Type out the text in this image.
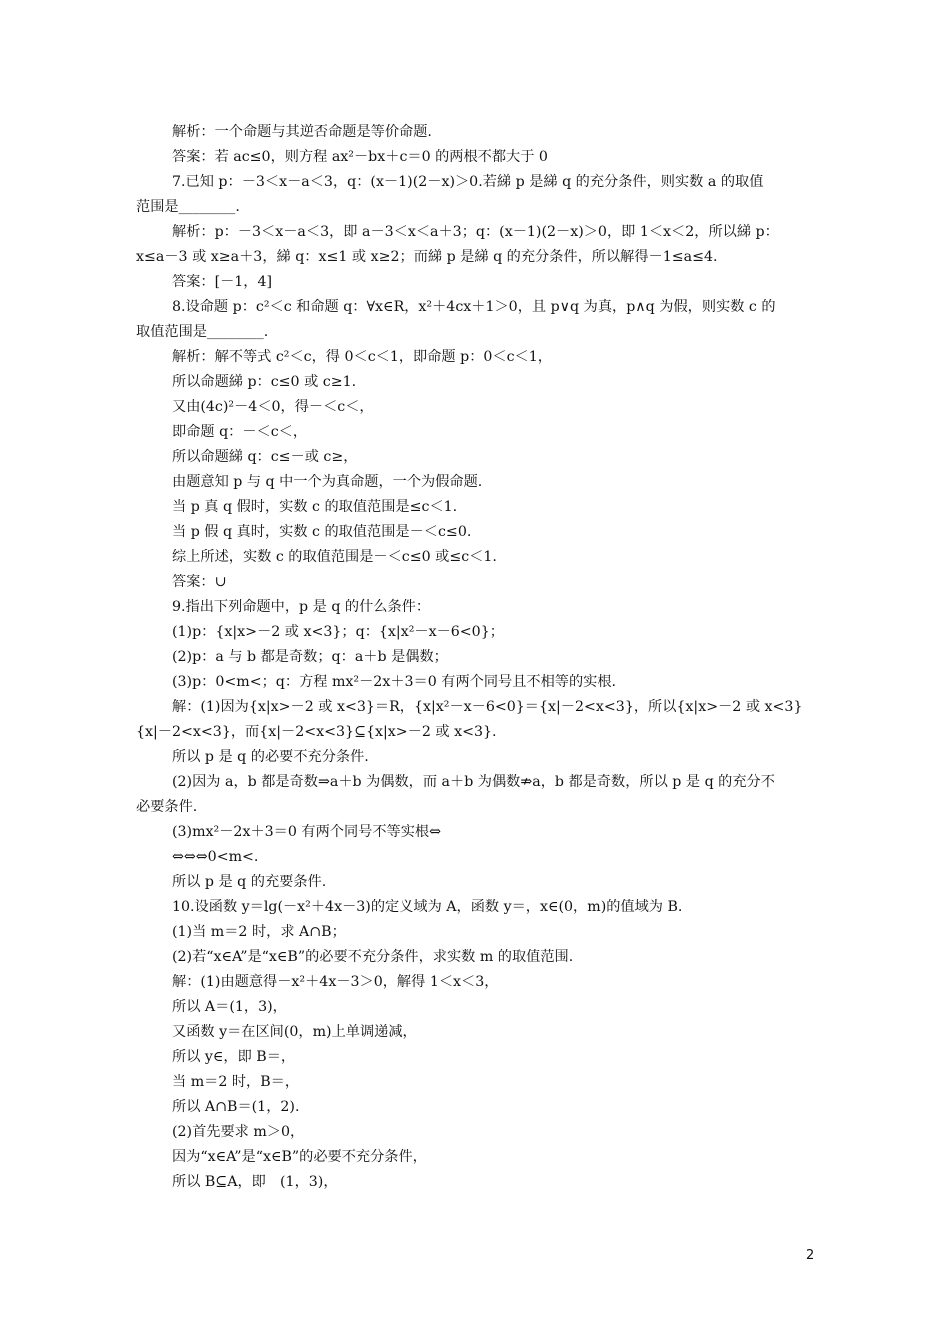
解析：一个命题与其逆否命题是等价命题.
答案：若 ac≤0，则方程 ax²－bx＋c＝0 的两根不都大于 0
7.已知 p：－3＜x－a＜3，q：(x－1)(2－x)＞0.若綈 p 是綈 q 的充分条件，则实数 a 的取值
范围是________.
解析：p：－3＜x－a＜3，即 a－3＜x＜a＋3；q：(x－1)(2－x)＞0，即 1＜x＜2，所以綈 p：
x≤a－3 或 x≥a＋3，綈 q：x≤1 或 x≥2；而綈 p 是綈 q 的充分条件，所以解得－1≤a≤4.
答案：[－1，4]
8.设命题 p：c²＜c 和命题 q：∀x∈R，x²＋4cx＋1＞0，且 p∨q 为真，p∧q 为假，则实数 c 的
取值范围是________.
解析：解不等式 c²＜c，得 0＜c＜1，即命题 p：0＜c＜1，
所以命题綈 p：c≤0 或 c≥1.
又由(4c)²－4＜0，得－＜c＜，
即命题 q：－＜c＜，
所以命题綈 q：c≤－或 c≥，
由题意知 p 与 q 中一个为真命题，一个为假命题.
当 p 真 q 假时，实数 c 的取值范围是≤c＜1.
当 p 假 q 真时，实数 c 的取值范围是－＜c≤0.
综上所述，实数 c 的取值范围是－＜c≤0 或≤c＜1.
答案：∪
9.指出下列命题中，p 是 q 的什么条件：
(1)p：{x|x>－2 或 x<3}；q：{x|x²－x－6<0}；
(2)p：a 与 b 都是奇数；q：a＋b 是偶数；
(3)p：0<m<；q：方程 mx²－2x＋3＝0 有两个同号且不相等的实根.
解：(1)因为{x|x>－2 或 x<3}＝R，{x|x²－x－6<0}＝{x|－2<x<3}，所以{x|x>－2 或 x<3}
{x|－2<x<3}，而{x|－2<x<3}⊆{x|x>－2 或 x<3}.
所以 p 是 q 的必要不充分条件.
(2)因为 a，b 都是奇数⇒a＋b 为偶数，而 a＋b 为偶数⇏a，b 都是奇数，所以 p 是 q 的充分不
必要条件.
(3)mx²－2x＋3＝0 有两个同号不等实根⇔
⇔⇔⇔0<m<.
所以 p 是 q 的充要条件.
10.设函数 y＝lg(－x²＋4x－3)的定义域为 A，函数 y＝，x∈(0，m)的值域为 B.
(1)当 m＝2 时，求 A∩B；
(2)若“x∈A”是“x∈B”的必要不充分条件，求实数 m 的取值范围.
解：(1)由题意得－x²＋4x－3＞0，解得 1＜x＜3，
所以 A＝(1，3)，
又函数 y＝在区间(0，m)上单调递减，
所以 y∈，即 B＝，
当 m＝2 时，B＝，
所以 A∩B＝(1，2).
(2)首先要求 m＞0，
因为“x∈A”是“x∈B”的必要不充分条件，
所以 B⊆A，即　(1，3)，
2
